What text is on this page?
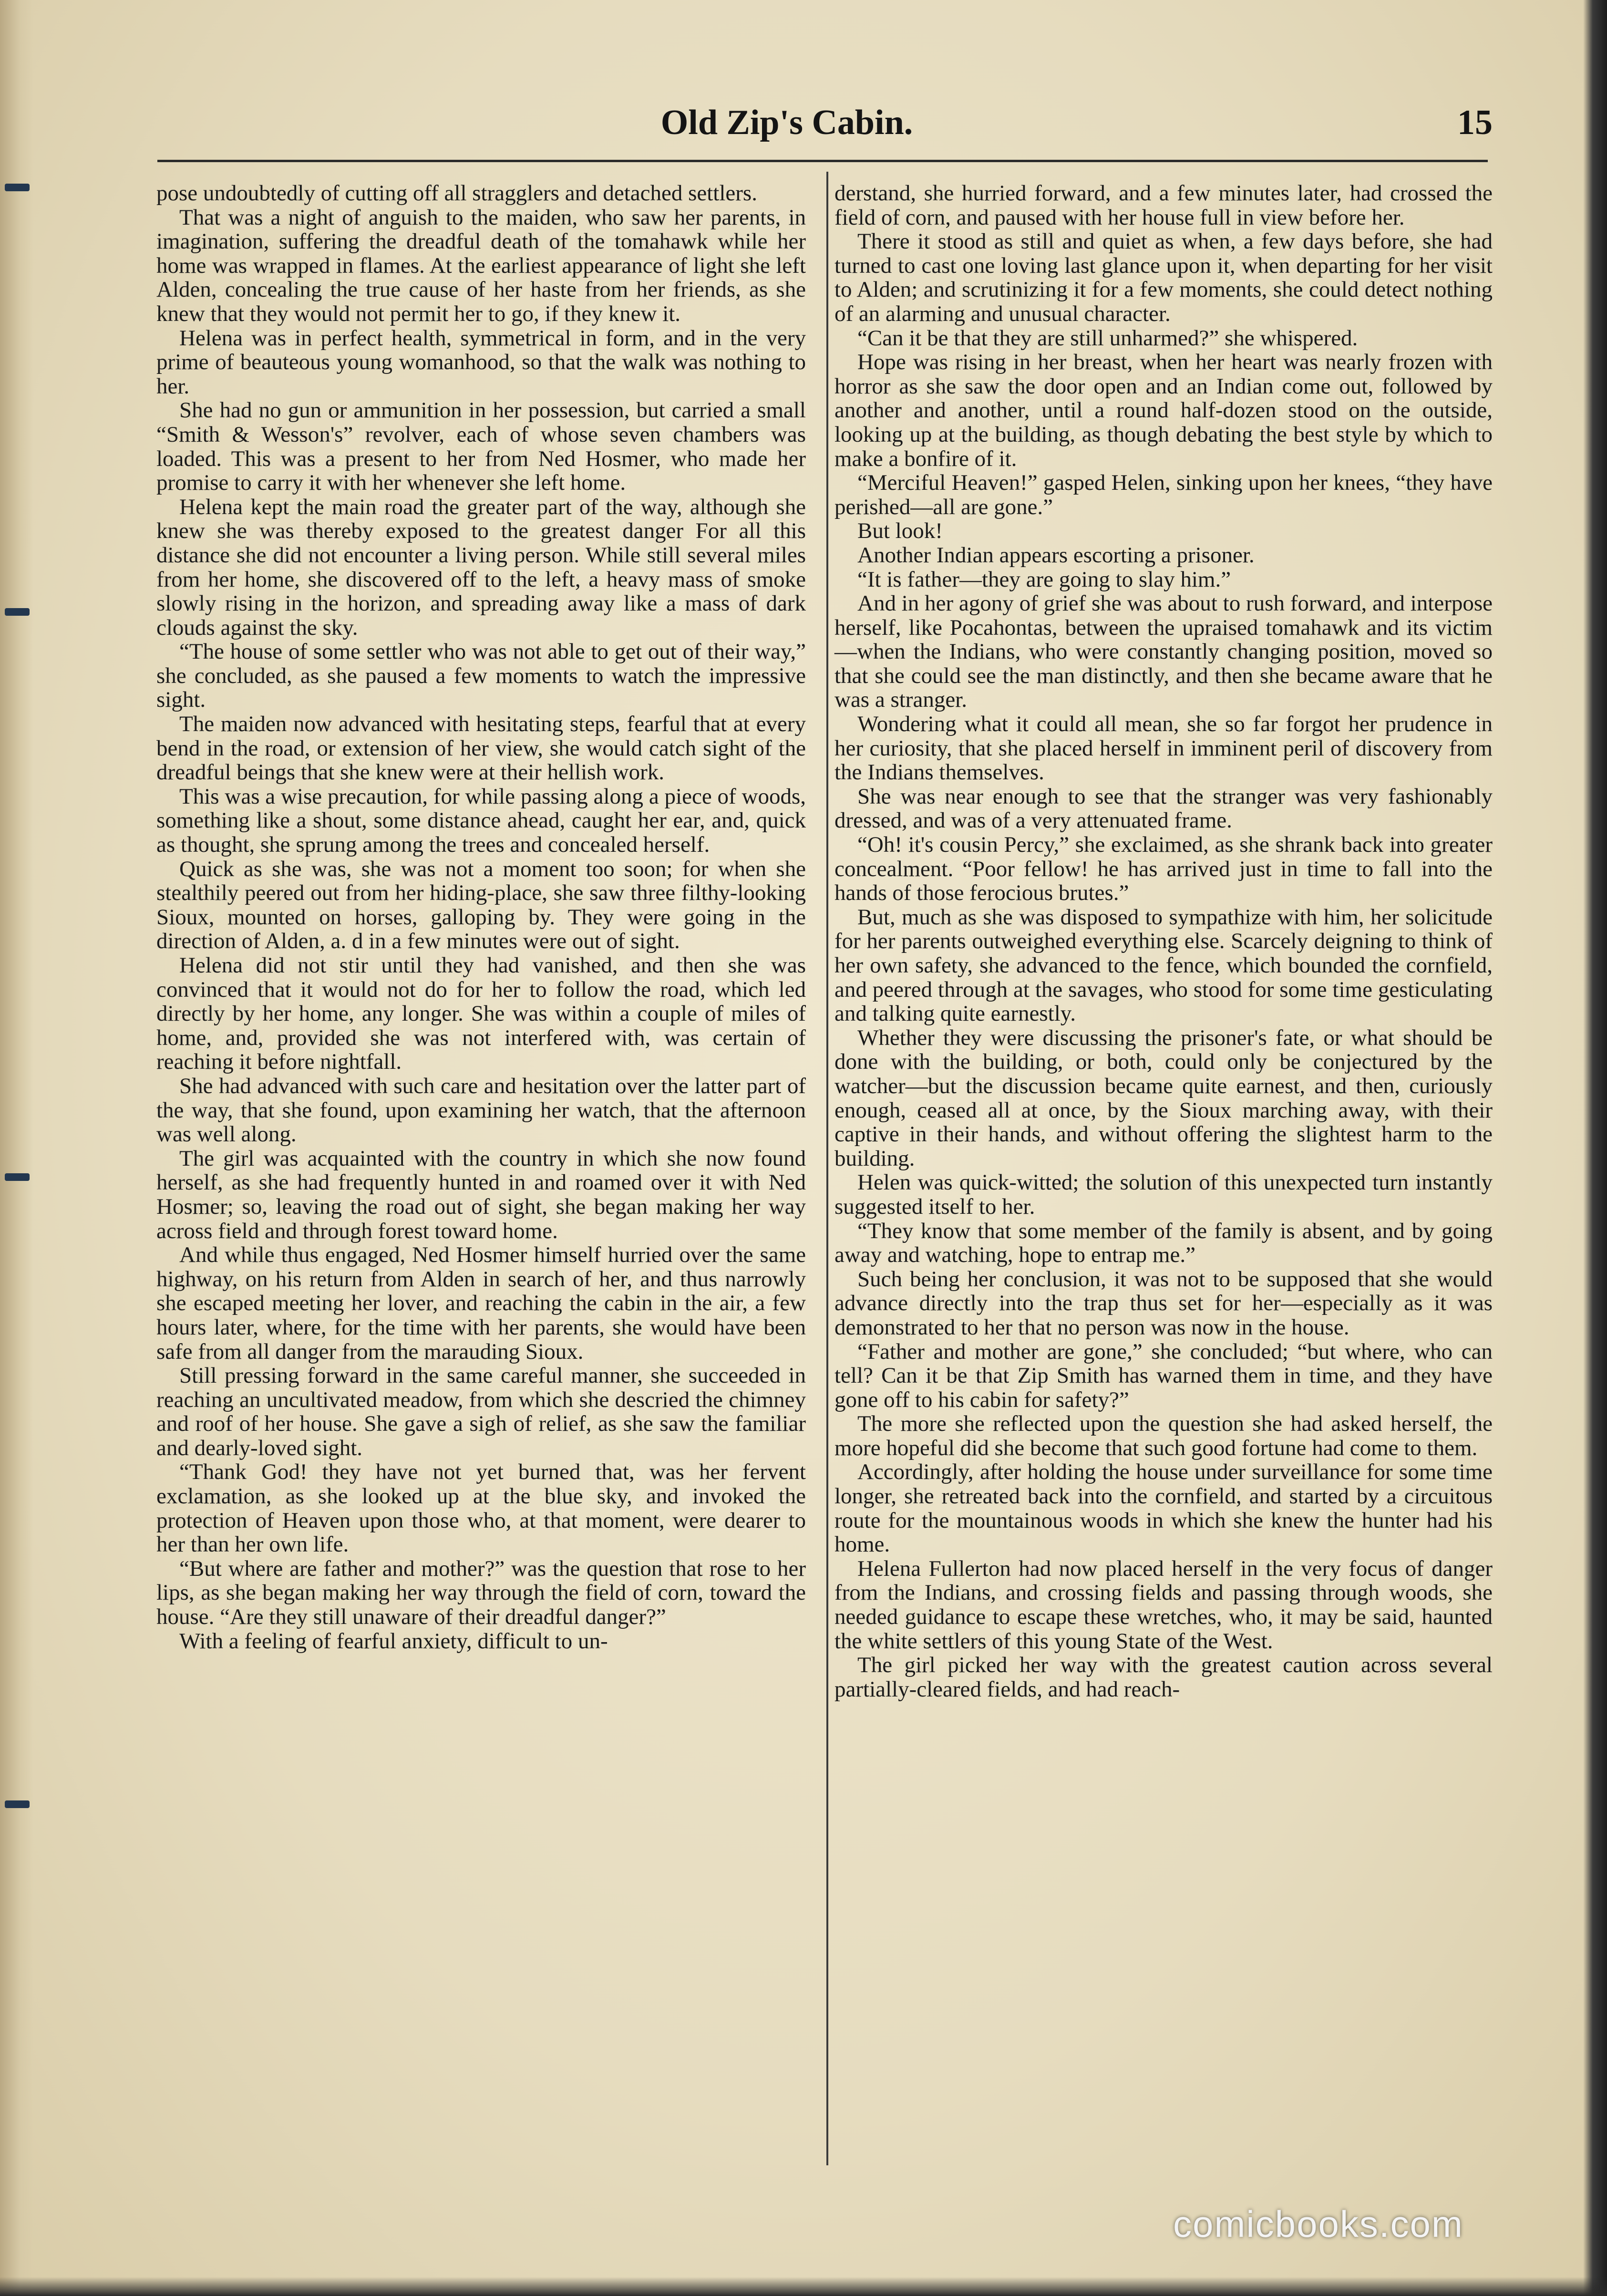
Old Zip's Cabin.	15

pose undoubtedly of cutting off all stragglers and detached settlers.

That was a night of anguish to the maiden, who saw her parents, in imagination, suffering the dreadful death of the tomahawk while her home was wrapped in flames. At the earliest appearance of light she left Alden, concealing the true cause of her haste from her friends, as she knew that they would not permit her to go, if they knew it.

Helena was in perfect health, symmetrical in form, and in the very prime of beauteous young womanhood, so that the walk was nothing to her.

She had no gun or ammunition in her possession, but carried a small “Smith & Wesson's” revolver, each of whose seven chambers was loaded. This was a present to her from Ned Hosmer, who made her promise to carry it with her whenever she left home.

Helena kept the main road the greater part of the way, although she knew she was thereby exposed to the greatest danger For all this distance she did not encounter a living person. While still several miles from her home, she discovered off to the left, a heavy mass of smoke slowly rising in the horizon, and spreading away like a mass of dark clouds against the sky.

“The house of some settler who was not able to get out of their way,” she concluded, as she paused a few moments to watch the impressive sight.

The maiden now advanced with hesitating steps, fearful that at every bend in the road, or extension of her view, she would catch sight of the dreadful beings that she knew were at their hellish work.

This was a wise precaution, for while passing along a piece of woods, something like a shout, some distance ahead, caught her ear, and, quick as thought, she sprung among the trees and concealed herself.

Quick as she was, she was not a moment too soon; for when she stealthily peered out from her hiding-place, she saw three filthy-looking Sioux, mounted on horses, galloping by. They were going in the direction of Alden, a. d in a few minutes were out of sight.

Helena did not stir until they had vanished, and then she was convinced that it would not do for her to follow the road, which led directly by her home, any longer. She was within a couple of miles of home, and, provided she was not interfered with, was certain of reaching it before nightfall.

She had advanced with such care and hesitation over the latter part of the way, that she found, upon examining her watch, that the afternoon was well along.

The girl was acquainted with the country in which she now found herself, as she had frequently hunted in and roamed over it with Ned Hosmer; so, leaving the road out of sight, she began making her way across field and through forest toward home.

And while thus engaged, Ned Hosmer himself hurried over the same highway, on his return from Alden in search of her, and thus narrowly she escaped meeting her lover, and reaching the cabin in the air, a few hours later, where, for the time with her parents, she would have been safe from all danger from the marauding Sioux.

Still pressing forward in the same careful manner, she succeeded in reaching an uncultivated meadow, from which she descried the chimney and roof of her house. She gave a sigh of relief, as she saw the familiar and dearly-loved sight.

“Thank God! they have not yet burned that, was her fervent exclamation, as she looked up at the blue sky, and invoked the protection of Heaven upon those who, at that moment, were dearer to her than her own life.

“But where are father and mother?” was the question that rose to her lips, as she began making her way through the field of corn, toward the house. “Are they still unaware of their dreadful danger?”

With a feeling of fearful anxiety, difficult to un-

derstand, she hurried forward, and a few minutes later, had crossed the field of corn, and paused with her house full in view before her.

There it stood as still and quiet as when, a few days before, she had turned to cast one loving last glance upon it, when departing for her visit to Alden; and scrutinizing it for a few moments, she could detect nothing of an alarming and unusual character.

“Can it be that they are still unharmed?” she whispered.

Hope was rising in her breast, when her heart was nearly frozen with horror as she saw the door open and an Indian come out, followed by another and another, until a round half-dozen stood on the outside, looking up at the building, as though debating the best style by which to make a bonfire of it.

“Merciful Heaven!” gasped Helen, sinking upon her knees, “they have perished—all are gone.”

But look!

Another Indian appears escorting a prisoner.

“It is father—they are going to slay him.”

And in her agony of grief she was about to rush forward, and interpose herself, like Pocahontas, between the upraised tomahawk and its victim—when the Indians, who were constantly changing position, moved so that she could see the man distinctly, and then she became aware that he was a stranger.

Wondering what it could all mean, she so far forgot her prudence in her curiosity, that she placed herself in imminent peril of discovery from the Indians themselves.

She was near enough to see that the stranger was very fashionably dressed, and was of a very attenuated frame.

“Oh! it's cousin Percy,” she exclaimed, as she shrank back into greater concealment. “Poor fellow! he has arrived just in time to fall into the hands of those ferocious brutes.”

But, much as she was disposed to sympathize with him, her solicitude for her parents outweighed everything else. Scarcely deigning to think of her own safety, she advanced to the fence, which bounded the cornfield, and peered through at the savages, who stood for some time gesticulating and talking quite earnestly.

Whether they were discussing the prisoner's fate, or what should be done with the building, or both, could only be conjectured by the watcher—but the discussion became quite earnest, and then, curiously enough, ceased all at once, by the Sioux marching away, with their captive in their hands, and without offering the slightest harm to the building.

Helen was quick-witted; the solution of this unexpected turn instantly suggested itself to her.

“They know that some member of the family is absent, and by going away and watching, hope to entrap me.”

Such being her conclusion, it was not to be supposed that she would advance directly into the trap thus set for her—especially as it was demonstrated to her that no person was now in the house.

“Father and mother are gone,” she concluded; “but where, who can tell? Can it be that Zip Smith has warned them in time, and they have gone off to his cabin for safety?”

The more she reflected upon the question she had asked herself, the more hopeful did she become that such good fortune had come to them.

Accordingly, after holding the house under surveillance for some time longer, she retreated back into the cornfield, and started by a circuitous route for the mountainous woods in which she knew the hunter had his home.

Helena Fullerton had now placed herself in the very focus of danger from the Indians, and crossing fields and passing through woods, she needed guidance to escape these wretches, who, it may be said, haunted the white settlers of this young State of the West.

The girl picked her way with the greatest caution across several partially-cleared fields, and had reach-

comicbooks.com
